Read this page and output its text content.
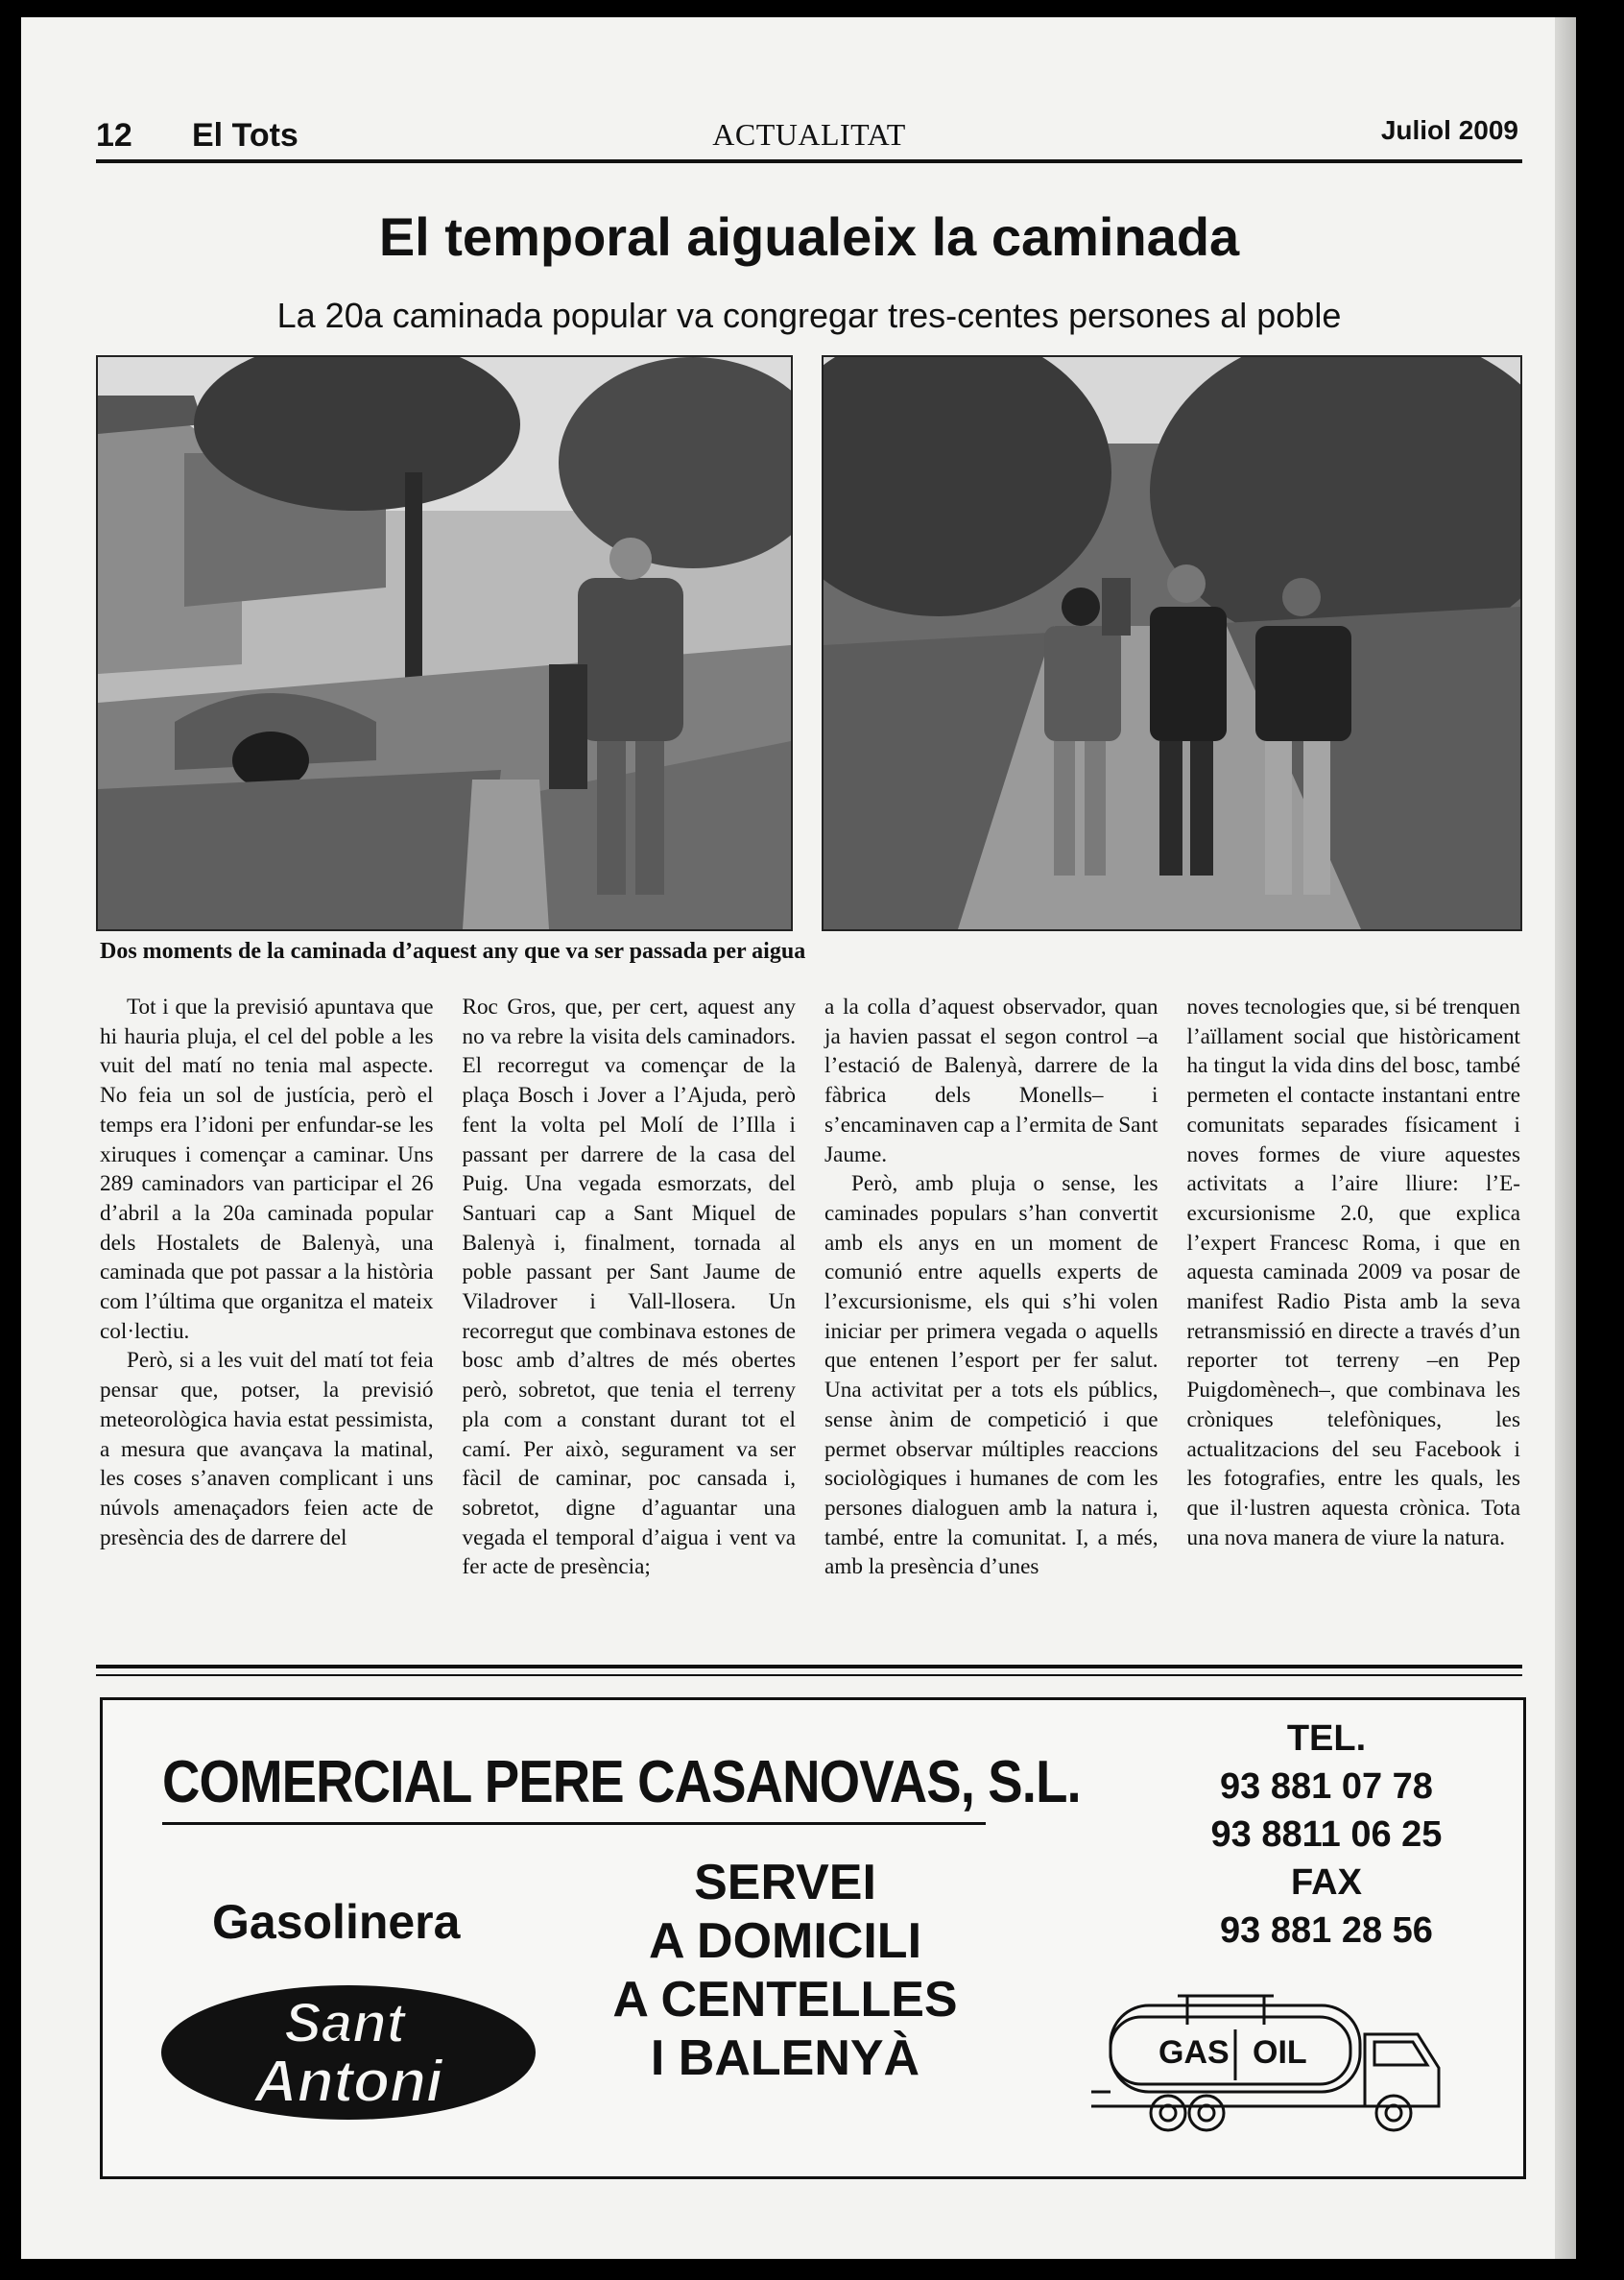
12 El Tots	ACTUALITAT	Juliol 2009
El temporal aigualeix la caminada
La 20a caminada popular va congregar tres-centes persones al poble
Dos moments de la caminada d’aquest any que va ser passada per aigua

Tot i que la previsió apuntava que hi hauria pluja, el cel del poble a les vuit del matí no tenia mal aspecte. No feia un sol de justícia, però el temps era l’idoni per enfundar-se les xiruques i començar a caminar. Uns 289 caminadors van participar el 26 d’abril a la 20a caminada popular dels Hostalets de Balenyà, una caminada que pot passar a la història com l’última que organitza el mateix col·lectiu.

Però, si a les vuit del matí tot feia pensar que, potser, la previsió meteorològica havia estat pessimista, a mesura que avançava la matinal, les coses s’anaven complicant i uns núvols amenaçadors feien acte de presència des de darrere del

Roc Gros, que, per cert, aquest any no va rebre la visita dels caminadors. El recorregut va començar de la plaça Bosch i Jover a l’Ajuda, però fent la volta pel Molí de l’Illa i passant per darrere de la casa del Puig. Una vegada esmorzats, del Santuari cap a Sant Miquel de Balenyà i, finalment, tornada al poble passant per Sant Jaume de Viladrover i Vall-llosera. Un recorregut que combinava estones de bosc amb d’altres de més obertes però, sobretot, que tenia el terreny pla com a constant durant tot el camí. Per això, segurament va ser fàcil de caminar, poc cansada i, sobretot, digne d’aguantar una vegada el temporal d’aigua i vent va fer acte de presència;

a la colla d’aquest observador, quan ja havien passat el segon control –a l’estació de Balenyà, darrere de la fàbrica dels Monells– i s’encaminaven cap a l’ermita de Sant Jaume.

Però, amb pluja o sense, les caminades populars s’han convertit amb els anys en un moment de comunió entre aquells experts de l’excursionisme, els qui s’hi volen iniciar per primera vegada o aquells que entenen l’esport per fer salut. Una activitat per a tots els públics, sense ànim de competició i que permet observar múltiples reaccions sociològiques i humanes de com les persones dialoguen amb la natura i, també, entre la comunitat. I, a més, amb la presència d’unes

noves tecnologies que, si bé trenquen l’aïllament social que històricament ha tingut la vida dins del bosc, també permeten el contacte instantani entre comunitats separades físicament i noves formes de viure aquestes activitats a l’aire lliure: l’E-excursionisme 2.0, que explica l’expert Francesc Roma, i que en aquesta caminada 2009 va posar de manifest Radio Pista amb la seva retransmissió en directe a través d’un reporter tot terreny –en Pep Puigdomènech–, que combinava les cròniques telefòniques, les actualitzacions del seu Facebook i les fotografies, entre les quals, les que il·lustren aquesta crònica. Tota una nova manera de viure la natura.

COMERCIAL PERE CASANOVAS, S.L.
Gasolinera
Sant
Antoni
SERVEI
A DOMICILI
A CENTELLES
I BALENYÀ
TEL.
93 881 07 78
93 8811 06 25
FAX
93 881 28 56
GAS OIL
